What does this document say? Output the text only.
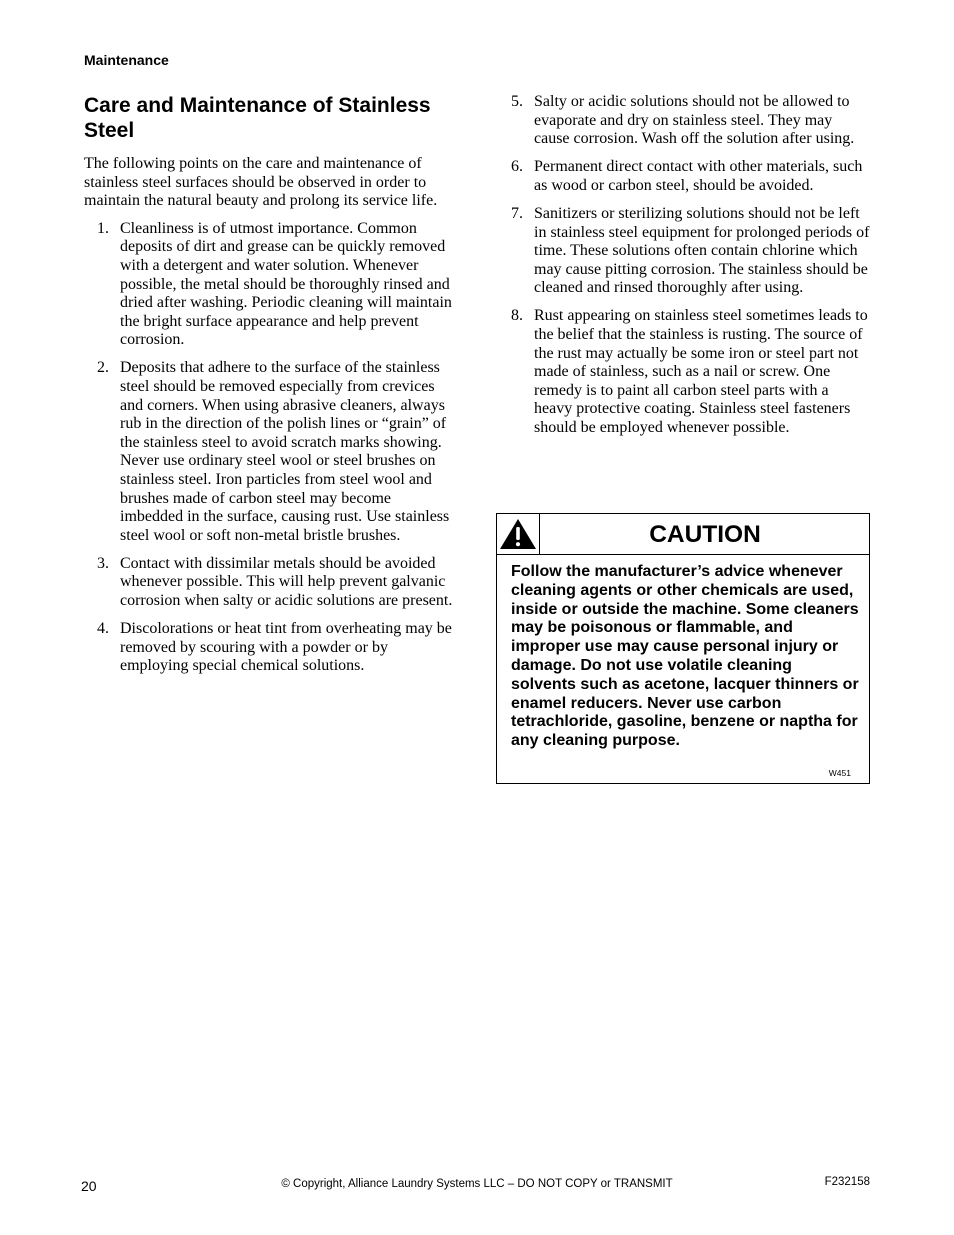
Maintenance
Care and Maintenance of Stainless Steel

The following points on the care and maintenance of stainless steel surfaces should be observed in order to maintain the natural beauty and prolong its service life.

1. Cleanliness is of utmost importance. Common deposits of dirt and grease can be quickly removed with a detergent and water solution. Whenever possible, the metal should be thoroughly rinsed and dried after washing. Periodic cleaning will maintain the bright surface appearance and help prevent corrosion.
2. Deposits that adhere to the surface of the stainless steel should be removed especially from crevices and corners. When using abrasive cleaners, always rub in the direction of the polish lines or “grain” of the stainless steel to avoid scratch marks showing. Never use ordinary steel wool or steel brushes on stainless steel. Iron particles from steel wool and brushes made of carbon steel may become imbedded in the surface, causing rust. Use stainless steel wool or soft non-metal bristle brushes.
3. Contact with dissimilar metals should be avoided whenever possible. This will help prevent galvanic corrosion when salty or acidic solutions are present.
4. Discolorations or heat tint from overheating may be removed by scouring with a powder or by employing special chemical solutions.
5. Salty or acidic solutions should not be allowed to evaporate and dry on stainless steel. They may cause corrosion. Wash off the solution after using.
6. Permanent direct contact with other materials, such as wood or carbon steel, should be avoided.
7. Sanitizers or sterilizing solutions should not be left in stainless steel equipment for prolonged periods of time. These solutions often contain chlorine which may cause pitting corrosion. The stainless should be cleaned and rinsed thoroughly after using.
8. Rust appearing on stainless steel sometimes leads to the belief that the stainless is rusting. The source of the rust may actually be some iron or steel part not made of stainless, such as a nail or screw. One remedy is to paint all carbon steel parts with a heavy protective coating. Stainless steel fasteners should be employed whenever possible.
CAUTION
Follow the manufacturer’s advice whenever cleaning agents or other chemicals are used, inside or outside the machine. Some cleaners may be poisonous or flammable, and improper use may cause personal injury or damage. Do not use volatile cleaning solvents such as acetone, lacquer thinners or enamel reducers. Never use carbon tetrachloride, gasoline, benzene or naptha for any cleaning purpose.
W451
20	© Copyright, Alliance Laundry Systems LLC – DO NOT COPY or TRANSMIT	F232158
